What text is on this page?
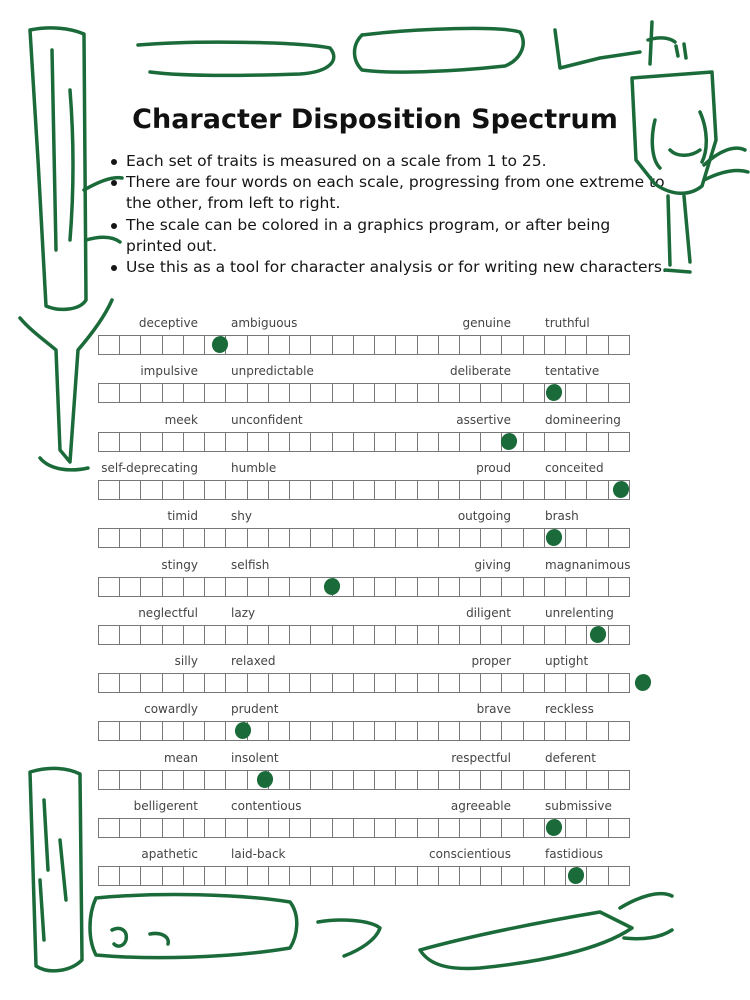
Character Disposition Spectrum
Each set of traits is measured on a scale from 1 to 25.
There are four words on each scale, progressing from one extreme to the other, from left to right.
The scale can be colored in a graphics program, or after being printed out.
Use this as a tool for character analysis or for writing new characters.
deceptive	ambiguous	genuine	truthful
impulsive	unpredictable	deliberate	tentative
meek	unconfident	assertive	domineering
self-deprecating	humble	proud	conceited
timid	shy	outgoing	brash
stingy	selfish	giving	magnanimous
neglectful	lazy	diligent	unrelenting
silly	relaxed	proper	uptight
cowardly	prudent	brave	reckless
mean	insolent	respectful	deferent
belligerent	contentious	agreeable	submissive
apathetic	laid-back	conscientious	fastidious
